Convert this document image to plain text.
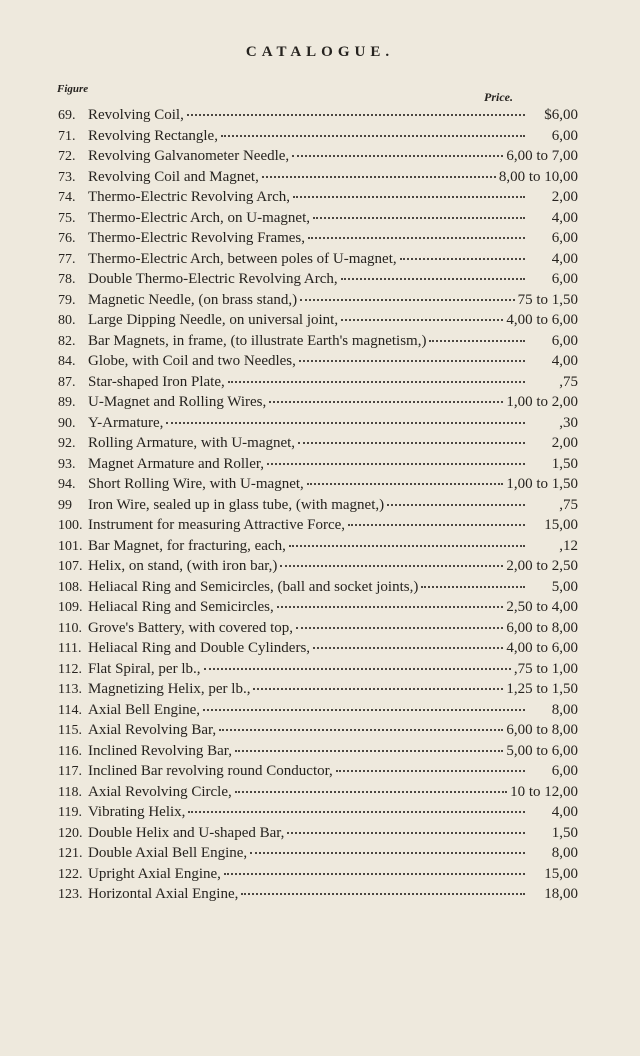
CATALOGUE.
Figure
Price.
69. Revolving Coil,	$6,00
71. Revolving Rectangle,	6,00
72. Revolving Galvanometer Needle,	6,00 to 7,00
73. Revolving Coil and Magnet,	8,00 to 10,00
74. Thermo-Electric Revolving Arch,	2,00
75. Thermo-Electric Arch, on U-magnet,	4,00
76. Thermo-Electric Revolving Frames,	6,00
77. Thermo-Electric Arch, between poles of U-magnet,	4,00
78. Double Thermo-Electric Revolving Arch,	6,00
79. Magnetic Needle, (on brass stand,)	75 to 1,50
80. Large Dipping Needle, on universal joint,	4,00 to 6,00
82. Bar Magnets, in frame, (to illustrate Earth's magnetism,)	6,00
84. Globe, with Coil and two Needles,	4,00
87. Star-shaped Iron Plate,	,75
89. U-Magnet and Rolling Wires,	1,00 to 2,00
90. Y-Armature,	,30
92. Rolling Armature, with U-magnet,	2,00
93. Magnet Armature and Roller,	1,50
94. Short Rolling Wire, with U-magnet,	1,00 to 1,50
99	Iron Wire, sealed up in glass tube, (with magnet,)	,75
100. Instrument for measuring Attractive Force,	15,00
101. Bar Magnet, for fracturing, each,	,12
107. Helix, on stand, (with iron bar,)	2,00 to 2,50
108. Heliacal Ring and Semicircles, (ball and socket joints,)	5,00
109. Heliacal Ring and Semicircles,	2,50 to 4,00
110. Grove's Battery, with covered top,	6,00 to 8,00
111. Heliacal Ring and Double Cylinders,	4,00 to 6,00
112. Flat Spiral, per lb.,	,75 to 1,00
113. Magnetizing Helix, per lb.,	1,25 to 1,50
114. Axial Bell Engine,	8,00
115. Axial Revolving Bar,	6,00 to 8,00
116. Inclined Revolving Bar,	5,00 to 6,00
117. Inclined Bar revolving round Conductor,	6,00
118. Axial Revolving Circle,	10 to 12,00
119. Vibrating Helix,	4,00
120. Double Helix and U-shaped Bar,	1,50
121. Double Axial Bell Engine,	8,00
122. Upright Axial Engine,	15,00
123. Horizontal Axial Engine,	18,00
